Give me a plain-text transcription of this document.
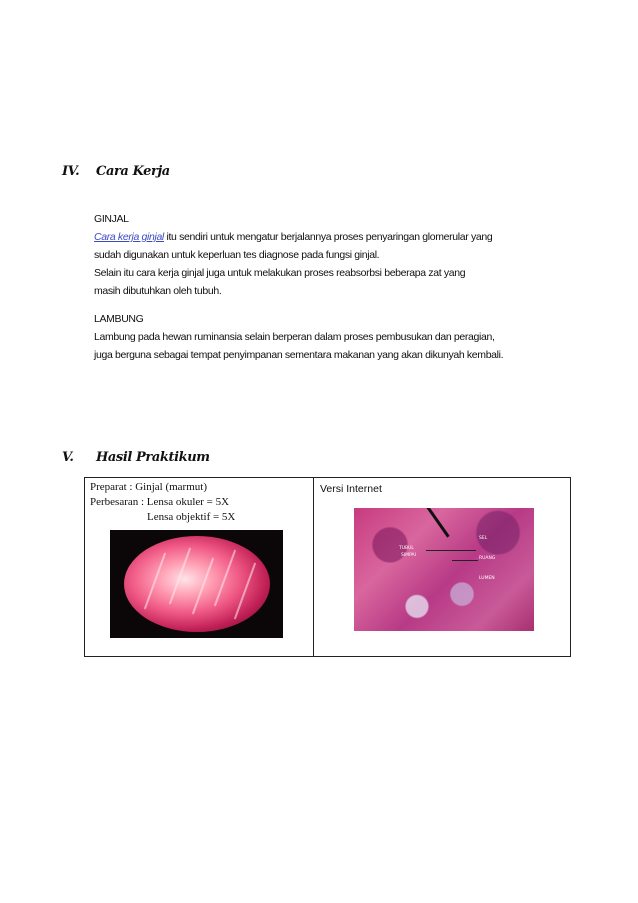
IV. Cara Kerja
GINJAL
Cara kerja ginjal itu sendiri untuk mengatur berjalannya proses penyaringan glomerular yang
sudah digunakan untuk keperluan tes diagnose pada fungsi ginjal.
Selain itu cara kerja ginjal juga untuk melakukan proses reabsorbsi beberapa zat yang
masih dibutuhkan oleh tubuh.
LAMBUNG
Lambung pada hewan ruminansia selain berperan dalam proses pembusukan dan peragian,
juga berguna sebagai tempat penyimpanan sementara makanan yang akan dikunyah kembali.
V. Hasil Praktikum
Preparat : Ginjal (marmut)
Perbesaran : Lensa okuler = 5X
Lensa objektif = 5X

Versi Internet
TUBUL
SIMPAI
SEL
RUANG
LUMEN
